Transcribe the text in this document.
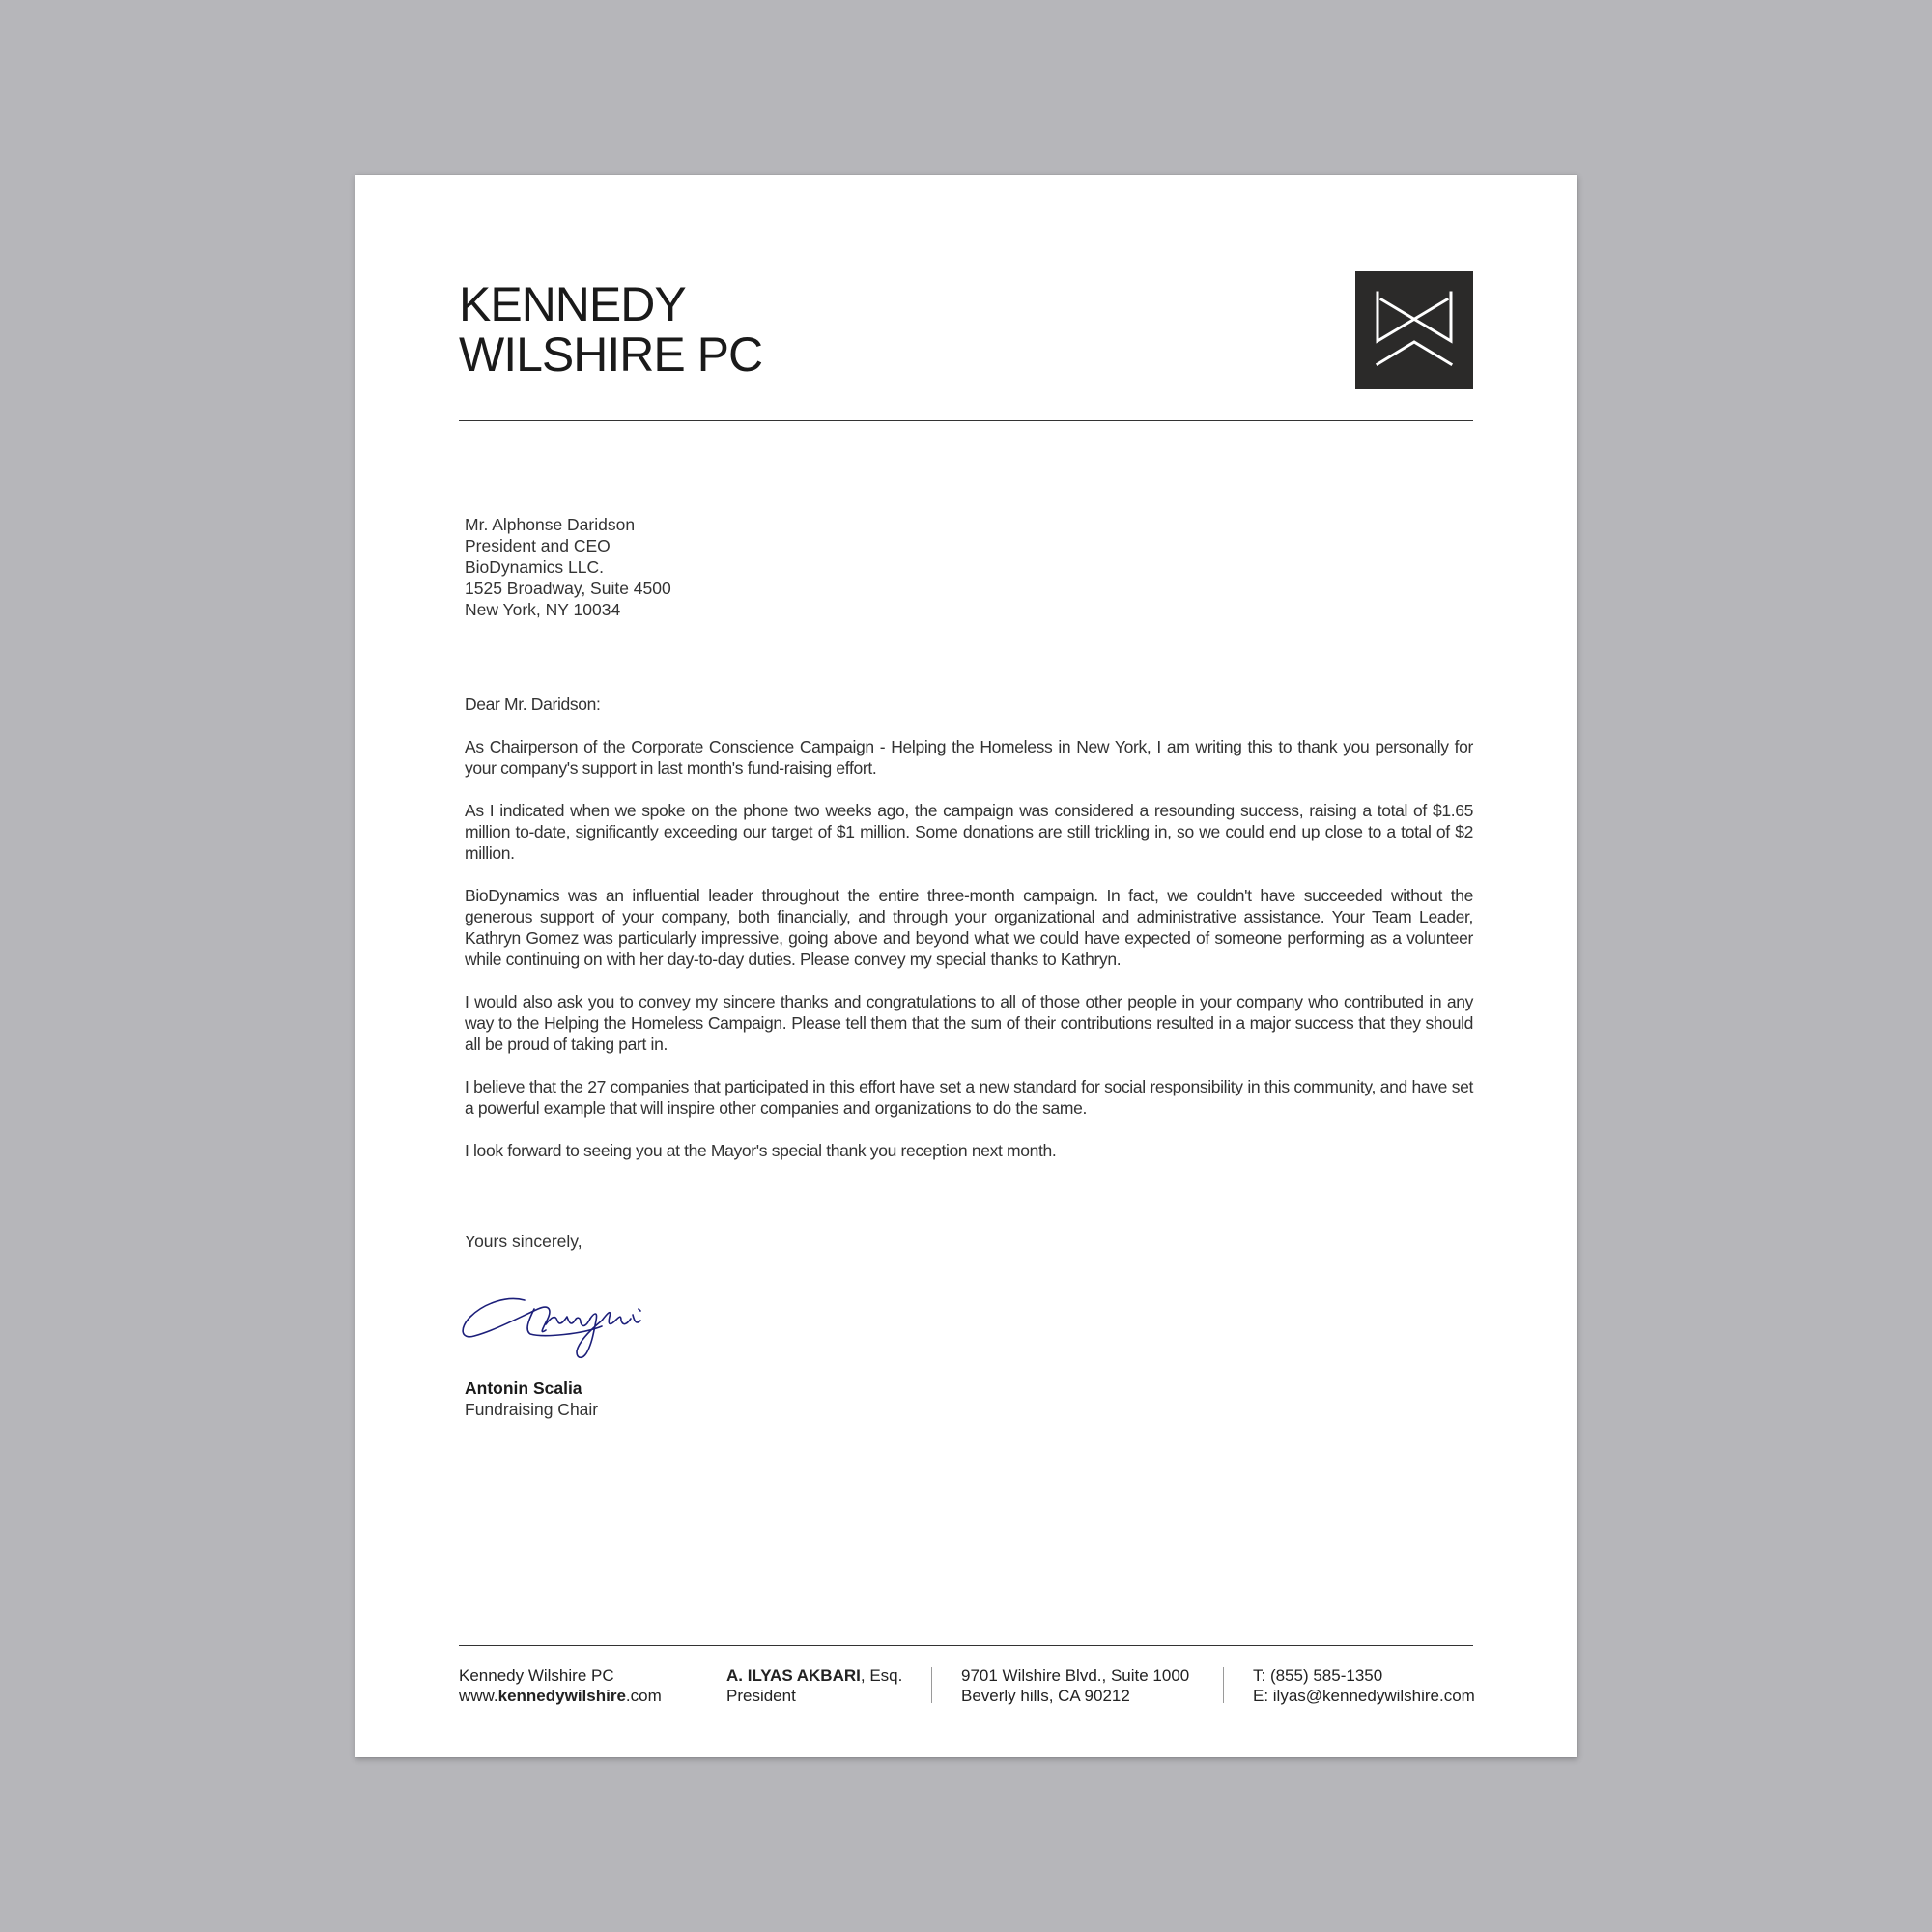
KENNEDY
WILSHIRE PC
Mr. Alphonse Daridson
President and CEO
BioDynamics LLC.
1525 Broadway, Suite 4500
New York, NY 10034

Dear Mr. Daridson:

As Chairperson of the Corporate Conscience Campaign - Helping the Homeless in New York, I am writing this to thank you personally for your company's support in last month's fund-raising effort.

As I indicated when we spoke on the phone two weeks ago, the campaign was considered a resounding success, raising a total of $1.65 million to-date, significantly exceeding our target of $1 million. Some donations are still trickling in, so we could end up close to a total of $2 million.

BioDynamics was an influential leader throughout the entire three-month campaign. In fact, we couldn't have succeeded without the generous support of your company, both financially, and through your organizational and administrative assistance. Your Team Leader, Kathryn Gomez was particularly impressive, going above and beyond what we could have expected of someone performing as a volunteer while continuing on with her day-to-day duties. Please convey my special thanks to Kathryn.

I would also ask you to convey my sincere thanks and congratulations to all of those other people in your company who contributed in any way to the Helping the Homeless Campaign. Please tell them that the sum of their contributions resulted in a major success that they should all be proud of taking part in.

I believe that the 27 companies that participated in this effort have set a new standard for social responsibility in this community, and have set a powerful example that will inspire other companies and organizations to do the same.

I look forward to seeing you at the Mayor's special thank you reception next month.

Yours sincerely,
Antonin Scalia
Fundraising Chair
Kennedy Wilshire PC
www.kennedywilshire.com
A. ILYAS AKBARI, Esq.
President
9701 Wilshire Blvd., Suite 1000
Beverly hills, CA 90212
T: (855) 585-1350
E: ilyas@kennedywilshire.com
